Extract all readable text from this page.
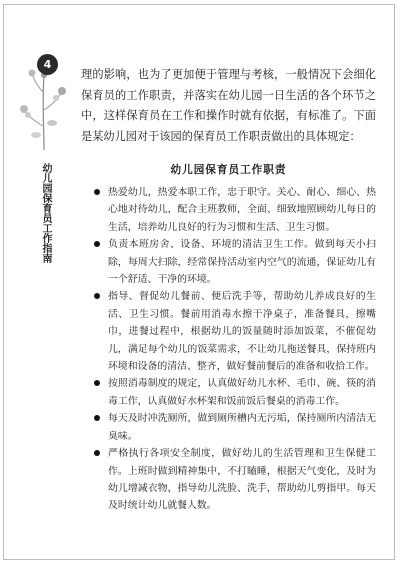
4
幼儿园保育员工作指南

理的影响，也为了更加便于管理与考核，一般情况下会细化保育员的工作职责，并落实在幼儿园一日生活的各个环节之中，这样保育员在工作和操作时就有依据，有标准了。下面是某幼儿园对于该园的保育员工作职责做出的具体规定：

幼儿园保育员工作职责
热爱幼儿，热爱本职工作，忠于职守。关心、耐心、细心、热心地对待幼儿，配合主班教师，全面、细致地照顾幼儿每日的生活，培养幼儿良好的行为习惯和生活、卫生习惯。
负责本班房舍、设备、环境的清洁卫生工作。做到每天小扫除，每周大扫除，经常保持活动室内空气的流通，保证幼儿有一个舒适、干净的环境。
指导、督促幼儿餐前、便后洗手等，帮助幼儿养成良好的生活、卫生习惯。餐前用消毒水擦干净桌子，准备餐具，擦嘴巾，进餐过程中，根据幼儿的饭量随时添加饭菜，不催促幼儿，满足每个幼儿的饭菜需求，不让幼儿拖送餐具，保持班内环境和设备的清洁、整齐，做好餐前餐后的准备和收拾工作。
按照消毒制度的规定，认真做好幼儿水杯、毛巾、碗、筷的消毒工作，认真做好水杯架和饭前饭后餐桌的消毒工作。
每天及时冲洗厕所，做到厕所槽内无污垢，保持厕所内清洁无臭味。
严格执行各项安全制度，做好幼儿的生活管理和卫生保健工作。上班时做到精神集中，不打瞌睡，根据天气变化，及时为幼儿增减衣物，指导幼儿洗脸、洗手，帮助幼儿剪指甲。每天及时统计幼儿就餐人数。
